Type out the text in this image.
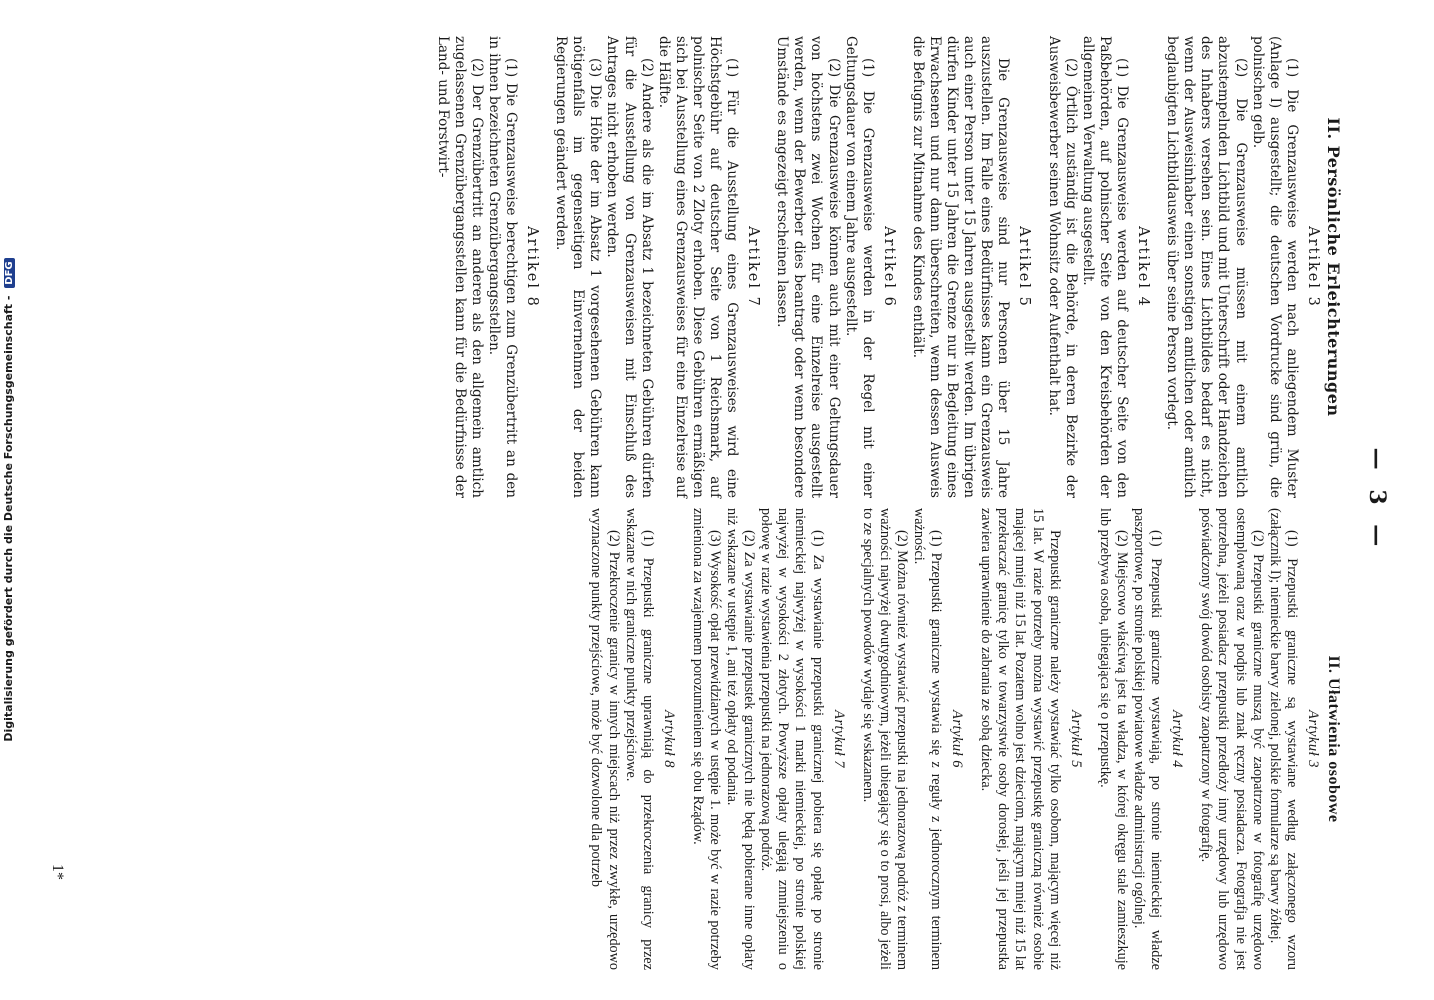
— 3 —
II. Persönliche Erleichterungen
Artikel 3

(1) Die Grenzausweise werden nach anliegendem Muster (Anlage I) ausgestellt; die deutschen Vordrucke sind grün, die polnischen gelb.

(2) Die Grenzausweise müssen mit einem amtlich abzustempelnden Lichtbild und mit Unterschrift oder Handzeichen des Inhabers versehen sein. Eines Lichtbildes bedarf es nicht, wenn der Ausweisinhaber einen sonstigen amtlichen oder amtlich beglaubigten Lichtbildausweis über seine Person vorlegt.

Artikel 4

(1) Die Grenzausweise werden auf deutscher Seite von den Paßbehörden, auf polnischer Seite von den Kreisbehörden der allgemeinen Verwaltung ausgestellt.

(2) Örtlich zuständig ist die Behörde, in deren Bezirke der Ausweisbewerber seinen Wohnsitz oder Aufenthalt hat.

Artikel 5

Die Grenzausweise sind nur Personen über 15 Jahre auszustellen. Im Falle eines Bedürfnisses kann ein Grenzausweis auch einer Person unter 15 Jahren ausgestellt werden. Im übrigen dürfen Kinder unter 15 Jahren die Grenze nur in Begleitung eines Erwachsenen und nur dann überschreiten, wenn dessen Ausweis die Befugnis zur Mitnahme des Kindes enthält.

Artikel 6

(1) Die Grenzausweise werden in der Regel mit einer Geltungsdauer von einem Jahre ausgestellt.

(2) Die Grenzausweise können auch mit einer Geltungsdauer von höchstens zwei Wochen für eine Einzelreise ausgestellt werden, wenn der Bewerber dies beantragt oder wenn besondere Umstände es angezeigt erscheinen lassen.

Artikel 7

(1) Für die Ausstellung eines Grenzausweises wird eine Höchstgebühr auf deutscher Seite von 1 Reichsmark, auf polnischer Seite von 2 Zloty erhoben. Diese Gebühren ermäßigen sich bei Ausstellung eines Grenzausweises für eine Einzelreise auf die Hälfte.

(2) Andere als die im Absatz 1 bezeichneten Gebühren dürfen für die Ausstellung von Grenzausweisen mit Einschluß des Antrages nicht erhoben werden.

(3) Die Höhe der im Absatz 1 vorgesehenen Gebühren kann nötigenfalls im gegenseitigen Einvernehmen der beiden Regierungen geändert werden.

Artikel 8

(1) Die Grenzausweise berechtigen zum Grenzübertritt an den in ihnen bezeichneten Grenzübergangsstellen.

(2) Der Grenzübertritt an anderen als den allgemein amtlich zugelassenen Grenzübergangsstellen kann für die Bedürfnisse der Land- und Forstwirt-

II. Ułatwienia osobowe
Artykuł 3

(1) Przepustki graniczne są wystawiane według załączonego wzoru (załącznik I); niemieckie barwy zielonej, polskie formularze są barwy żółtej.

(2) Przepustki graniczne muszą być zaopatrzone w fotografię urzędowo ostemplowaną oraz w podpis lub znak ręczny posiadacza. Fotografja nie jest potrzebna, jeżeli posiadacz przepustki przedłoży inny urzędowy lub urzędowo poświadczony swój dowód osobisty zaopatrzony w fotografję.

Artykuł 4

(1) Przepustki graniczne wystawiają, po stronie niemieckiej władze paszportowe, po stronie polskiej powiatowe władze administracji ogólnej.

(2) Miejscowo właściwą jest ta władza, w której okręgu stale zamieszkuje lub przebywa osoba, ubiegająca się o przepustkę.

Artykuł 5

Przepustki graniczne należy wystawiać tylko osobom, mającym więcej niż 15 lat. W razie potrzeby można wystawić przepustkę graniczną również osobie mającej mniej niż 15 lat. Pozatem wolno jest dzieciom, mającym mniej niż 15 lat przekraczać granicę tylko w towarzystwie osoby dorosłej, jeśli jej przepustka zawiera uprawnienie do zabrania ze sobą dziecka.

Artykuł 6

(1) Przepustki graniczne wystawia się z reguły z jednorocznym terminem ważności.

(2) Można również wystawiać przepustki na jednorazową podróż z terminem ważności najwyżej dwutygodniowym, jeżeli ubiegający się o to prosi, albo jeżeli to ze specjalnych powodów wydaje się wskazanem.

Artykuł 7

(1) Za wystawianie przepustki granicznej pobiera się opłatę po stronie niemieckiej najwyżej w wysokości 1 marki niemieckiej, po stronie polskiej najwyżej w wysokości 2 złotych. Powyższe opłaty ulegają zmniejszeniu o połowę w razie wystawienia przepustki na jednorazową podróż.

(2) Za wystawianie przepustek granicznych nie będą pobierane inne opłaty niż wskazane w ustępie 1, ani też opłaty od podania.

(3) Wysokość opłat przewidzianych w ustępie 1. może być w razie potrzeby zmieniona za wzajemnem porozumieniem się obu Rządów.

Artykuł 8

(1) Przepustki graniczne uprawniają do przekroczenia granicy przez wskazane w nich graniczne punkty przejściowe.

(2) Przekroczenie granicy w innych miejscach niż przez zwykłe, urzędowo wyznaczone punkty przejściowe, może być dozwolone dla potrzeb

1*
Digitalisierung gefördert durch die Deutsche Forschungsgemeinschaft - DFG
